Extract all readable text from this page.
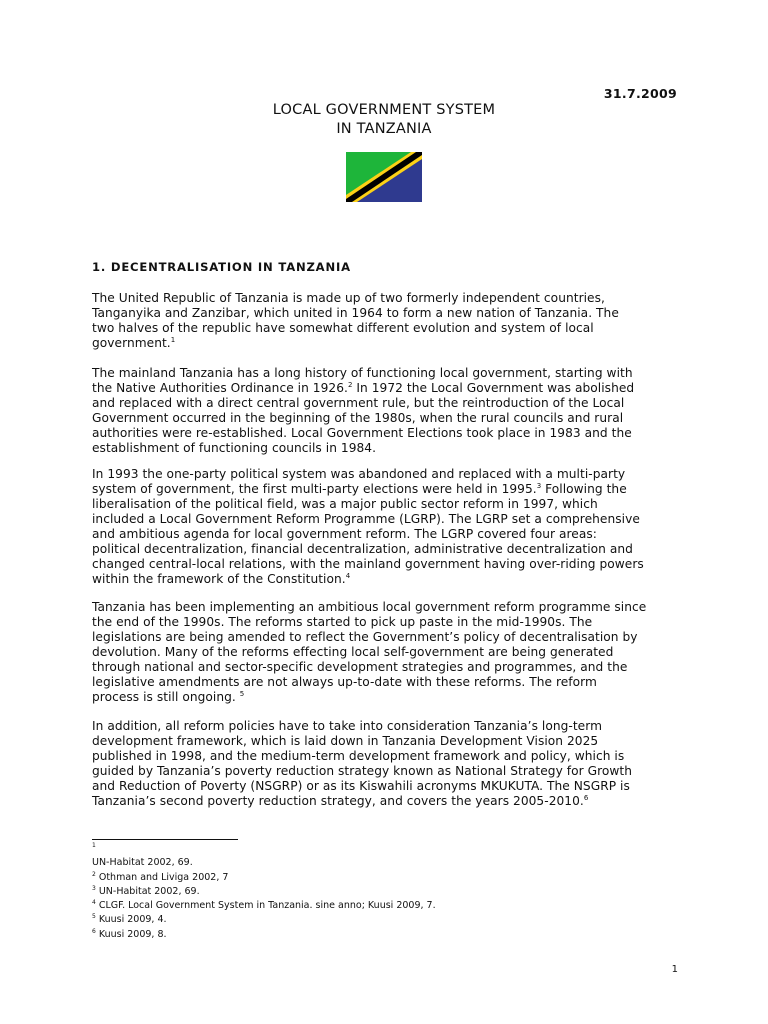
31.7.2009
LOCAL GOVERNMENT SYSTEM
IN TANZANIA
1. DECENTRALISATION IN TANZANIA
The United Republic of Tanzania is made up of two formerly independent countries,
Tanganyika and Zanzibar, which united in 1964 to form a new nation of Tanzania. The
two halves of the republic have somewhat different evolution and system of local
government.$^1$
The mainland Tanzania has a long history of functioning local government, starting with
the Native Authorities Ordinance in 1926.$^2$ In 1972 the Local Government was abolished
and replaced with a direct central government rule, but the reintroduction of the Local
Government occurred in the beginning of the 1980s, when the rural councils and rural
authorities were re-established. Local Government Elections took place in 1983 and the
establishment of functioning councils in 1984.
In 1993 the one-party political system was abandoned and replaced with a multi-party
system of government, the first multi-party elections were held in 1995.$^3$ Following the
liberalisation of the political field, was a major public sector reform in 1997, which
included a Local Government Reform Programme (LGRP). The LGRP set a comprehensive
and ambitious agenda for local government reform. The LGRP covered four areas:
political decentralization, financial decentralization, administrative decentralization and
changed central-local relations, with the mainland government having over-riding powers
within the framework of the Constitution.$^4$
Tanzania has been implementing an ambitious local government reform programme since
the end of the 1990s. The reforms started to pick up paste in the mid-1990s. The
legislations are being amended to reflect the Government’s policy of decentralisation by
devolution. Many of the reforms effecting local self-government are being generated
through national and sector-specific development strategies and programmes, and the
legislative amendments are not always up-to-date with these reforms. The reform
process is still ongoing. $^5$
In addition, all reform policies have to take into consideration Tanzania’s long-term
development framework, which is laid down in Tanzania Development Vision 2025
published in 1998, and the medium-term development framework and policy, which is
guided by Tanzania’s poverty reduction strategy known as National Strategy for Growth
and Reduction of Poverty (NSGRP) or as its Kiswahili acronyms MKUKUTA. The NSGRP is
Tanzania’s second poverty reduction strategy, and covers the years 2005-2010.$^6$
$^1$
UN-Habitat 2002, 69.
$^2$ Othman and Liviga 2002, 7
$^3$ UN-Habitat 2002, 69.
$^4$ CLGF. Local Government System in Tanzania. sine anno; Kuusi 2009, 7.
$^5$ Kuusi 2009, 4.
$^6$ Kuusi 2009, 8.
1
